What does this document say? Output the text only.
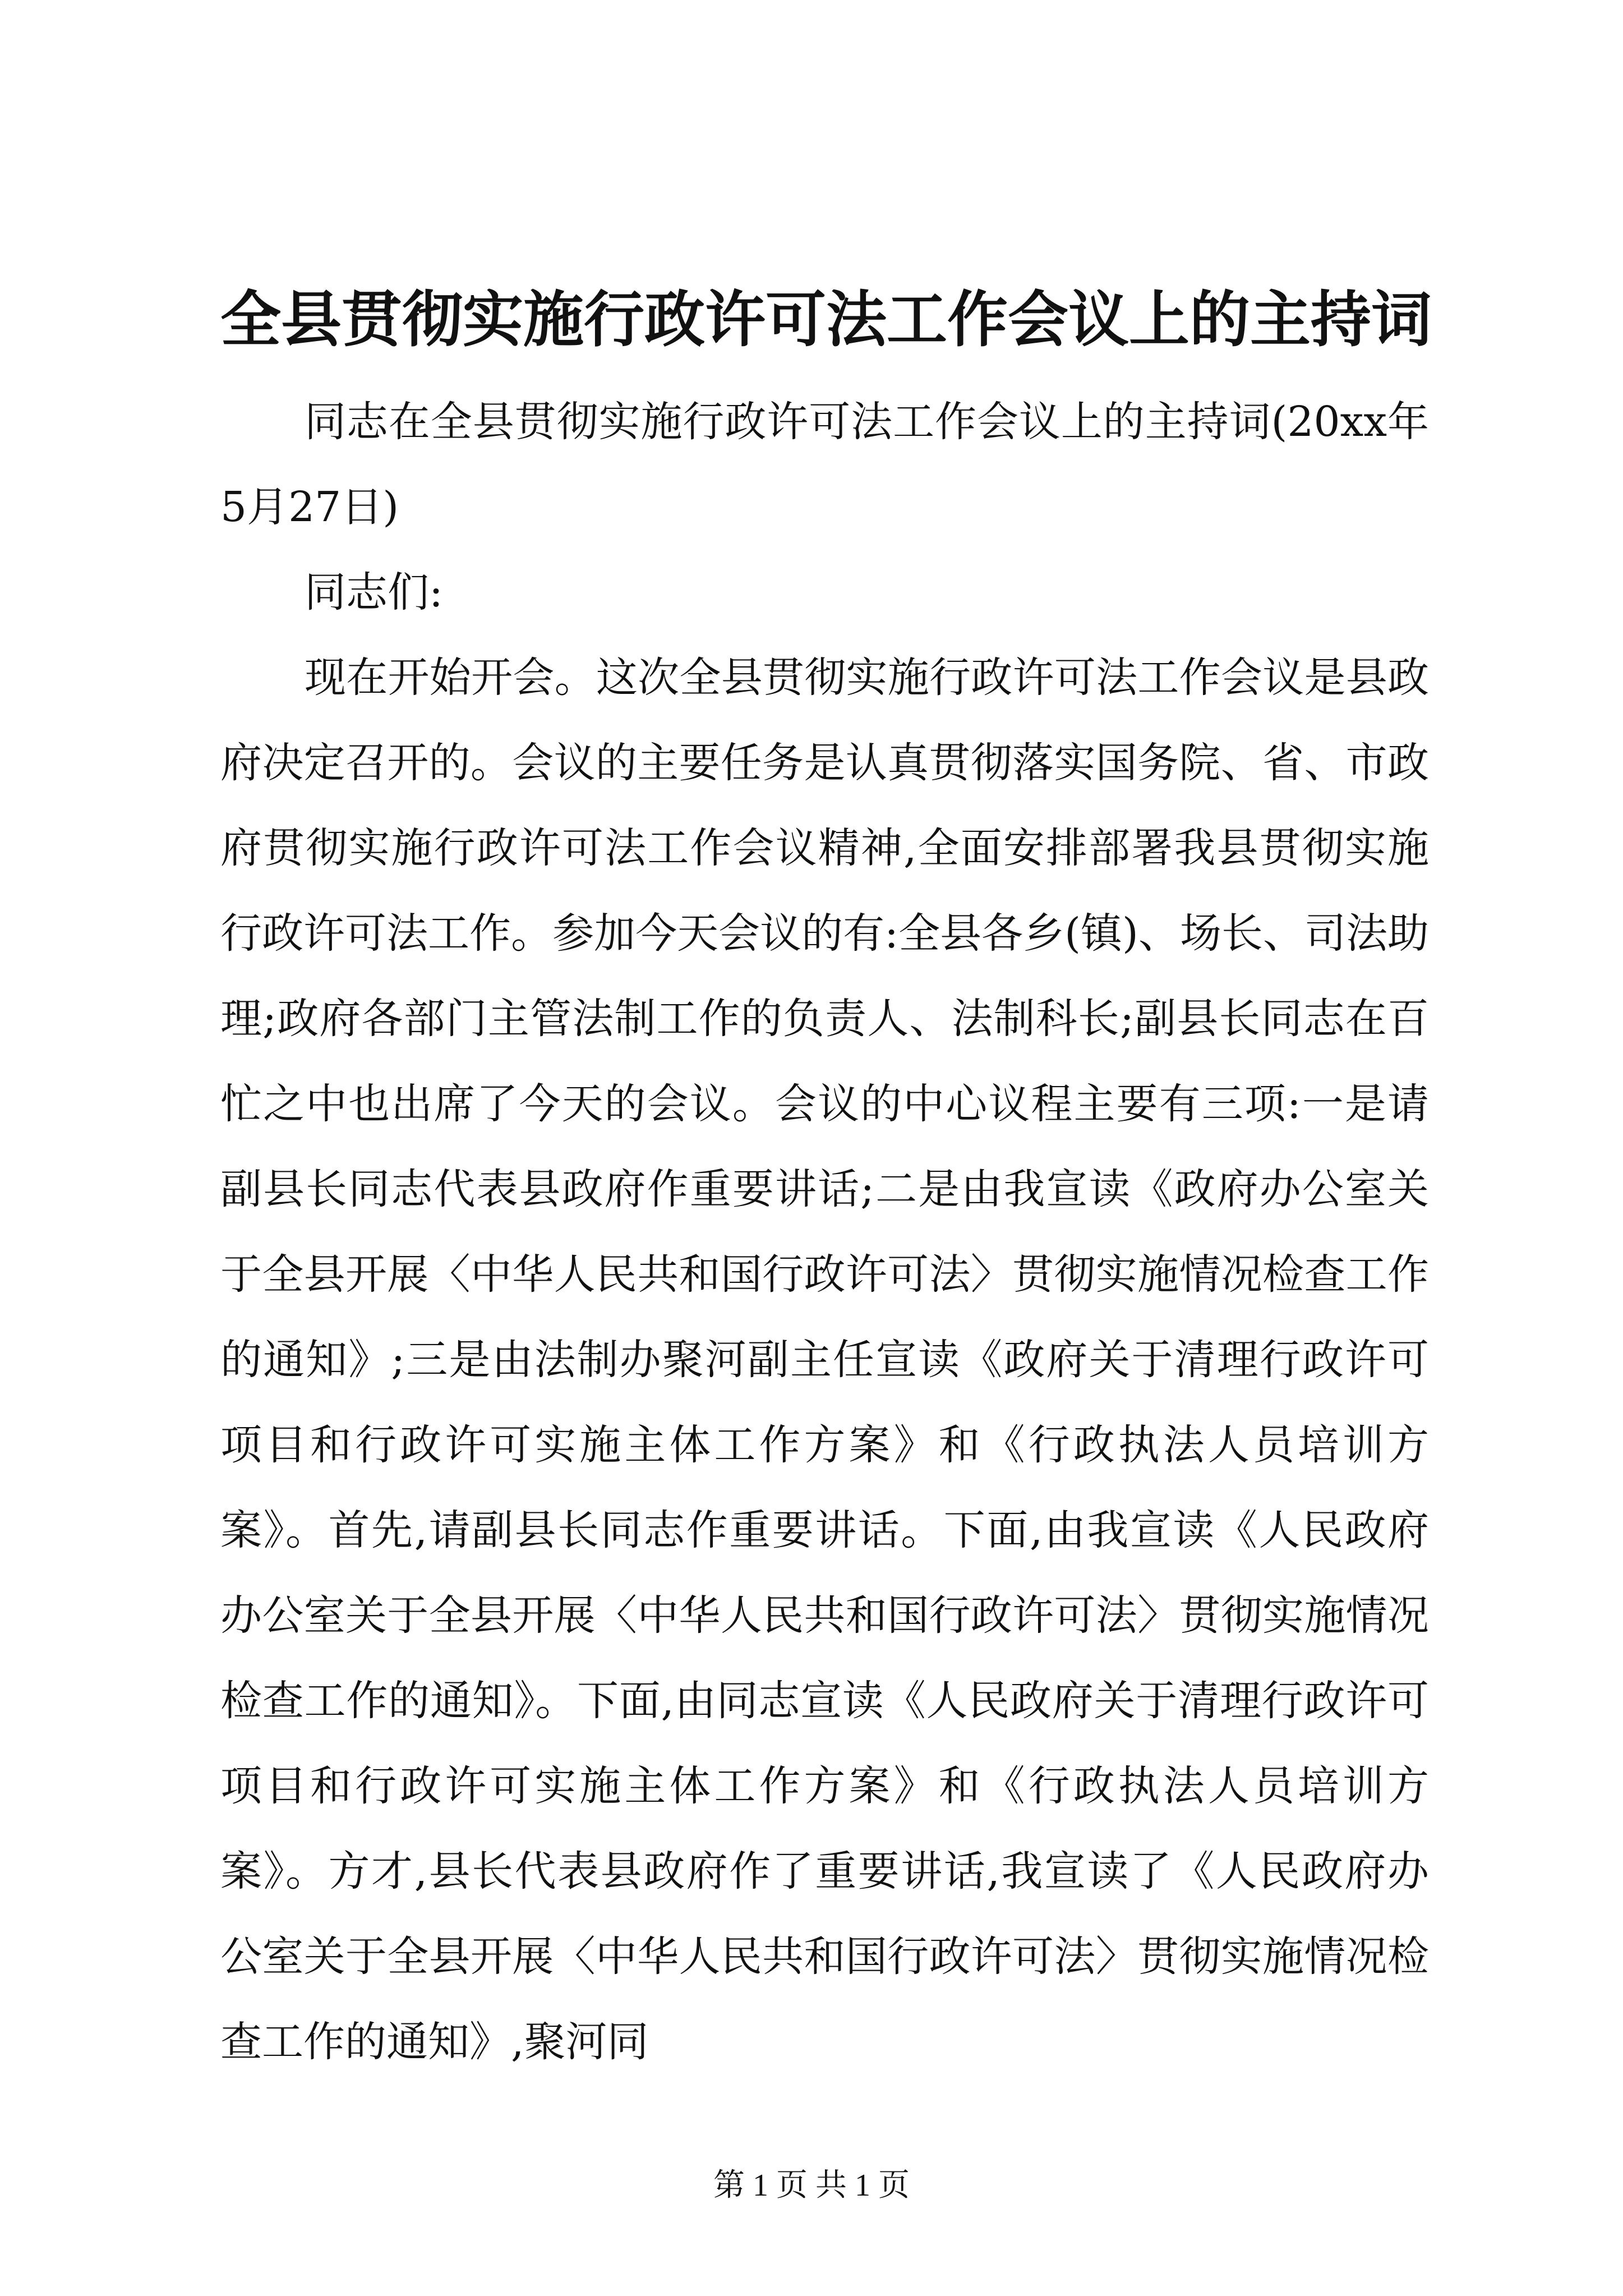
全县贯彻实施行政许可法工作会议上的主持词

同志在全县贯彻实施行政许可法工作会议上的主持词(20xx年5月27日)

同志们:

现在开始开会。这次全县贯彻实施行政许可法工作会议是县政府决定召开的。会议的主要任务是认真贯彻落实国务院、省、市政府贯彻实施行政许可法工作会议精神,全面安排部署我县贯彻实施行政许可法工作。参加今天会议的有:全县各乡(镇)、场长、司法助理;政府各部门主管法制工作的负责人、法制科长;副县长同志在百忙之中也出席了今天的会议。会议的中心议程主要有三项:一是请副县长同志代表县政府作重要讲话;二是由我宣读《政府办公室关于全县开展〈中华人民共和国行政许可法〉贯彻实施情况检查工作的通知》;三是由法制办聚河副主任宣读《政府关于清理行政许可项目和行政许可实施主体工作方案》和《行政执法人员培训方案》。首先,请副县长同志作重要讲话。下面,由我宣读《人民政府办公室关于全县开展〈中华人民共和国行政许可法〉贯彻实施情况检查工作的通知》。下面,由同志宣读《人民政府关于清理行政许可项目和行政许可实施主体工作方案》和《行政执法人员培训方案》。方才,县长代表县政府作了重要讲话,我宣读了《人民政府办公室关于全县开展〈中华人民共和国行政许可法〉贯彻实施情况检查工作的通知》,聚河同

第 1 页 共 1 页
